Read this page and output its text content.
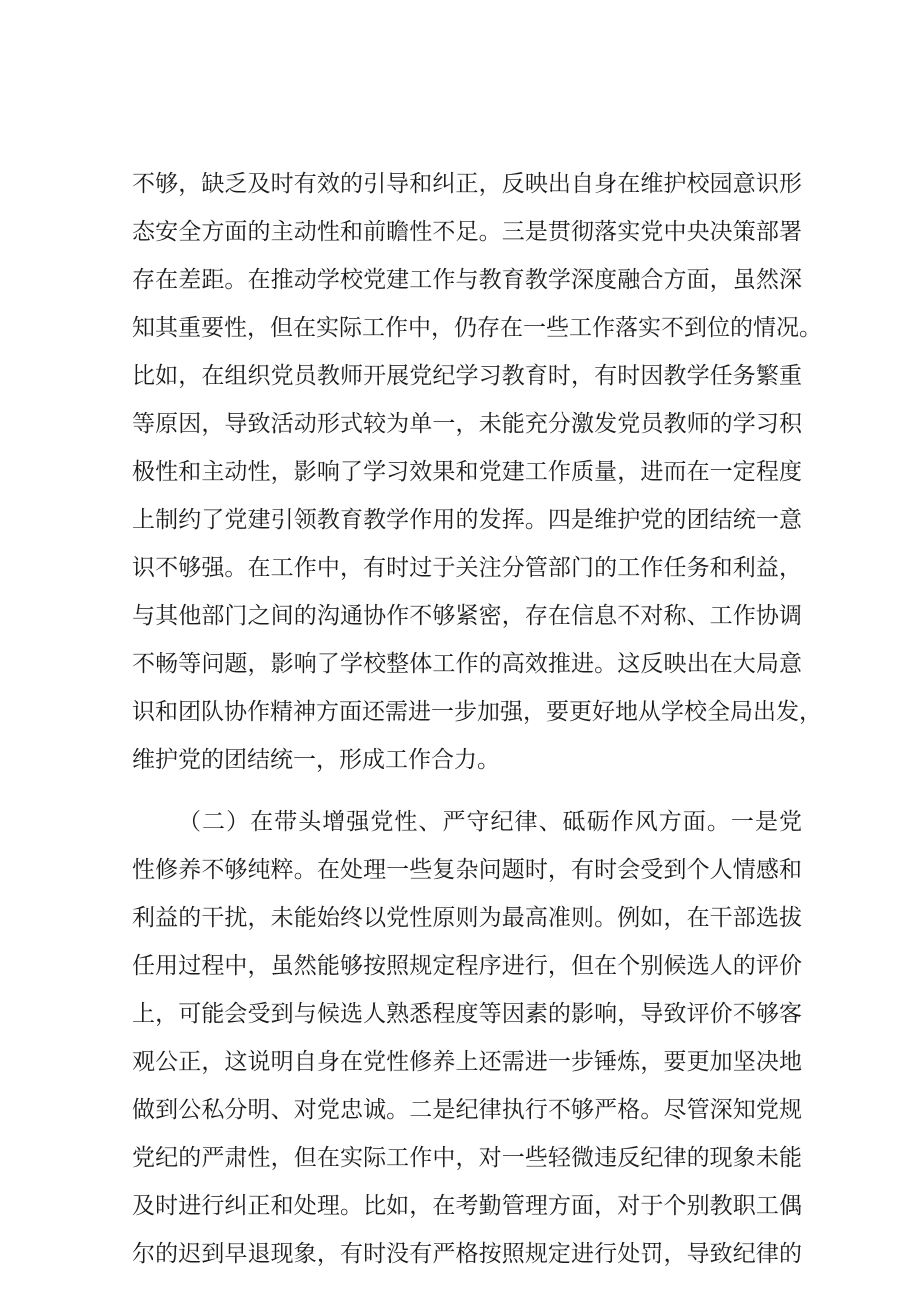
不够，缺乏及时有效的引导和纠正，反映出自身在维护校园意识形
态安全方面的主动性和前瞻性不足。三是贯彻落实党中央决策部署
存在差距。在推动学校党建工作与教育教学深度融合方面，虽然深
知其重要性，但在实际工作中，仍存在一些工作落实不到位的情况。
比如，在组织党员教师开展党纪学习教育时，有时因教学任务繁重
等原因，导致活动形式较为单一，未能充分激发党员教师的学习积
极性和主动性，影响了学习效果和党建工作质量，进而在一定程度
上制约了党建引领教育教学作用的发挥。四是维护党的团结统一意
识不够强。在工作中，有时过于关注分管部门的工作任务和利益，
与其他部门之间的沟通协作不够紧密，存在信息不对称、工作协调
不畅等问题，影响了学校整体工作的高效推进。这反映出在大局意
识和团队协作精神方面还需进一步加强，要更好地从学校全局出发，
维护党的团结统一，形成工作合力。
（二）在带头增强党性、严守纪律、砥砺作风方面。一是党
性修养不够纯粹。在处理一些复杂问题时，有时会受到个人情感和
利益的干扰，未能始终以党性原则为最高准则。例如，在干部选拔
任用过程中，虽然能够按照规定程序进行，但在个别候选人的评价
上，可能会受到与候选人熟悉程度等因素的影响，导致评价不够客
观公正，这说明自身在党性修养上还需进一步锤炼，要更加坚决地
做到公私分明、对党忠诚。二是纪律执行不够严格。尽管深知党规
党纪的严肃性，但在实际工作中，对一些轻微违反纪律的现象未能
及时进行纠正和处理。比如，在考勤管理方面，对于个别教职工偶
尔的迟到早退现象，有时没有严格按照规定进行处罚，导致纪律的
